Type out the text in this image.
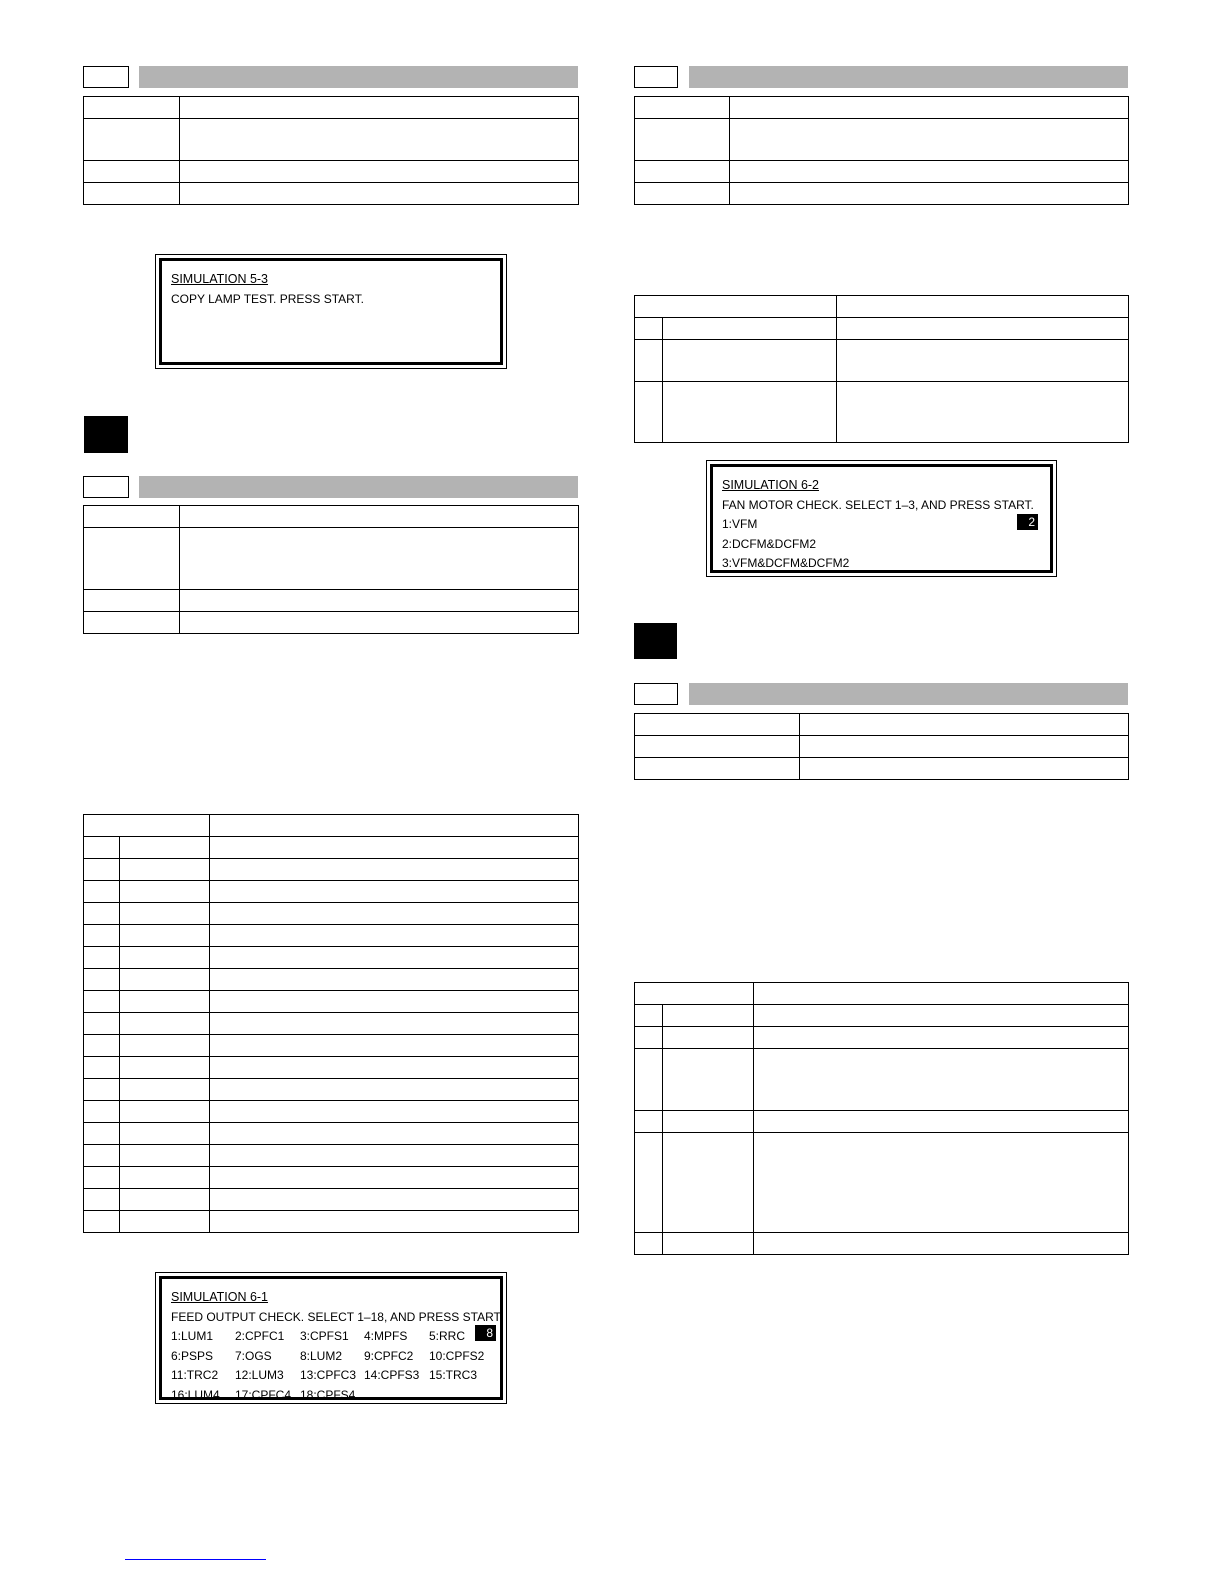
SIMULATION 5-3
COPY LAMP TEST. PRESS START.

SIMULATION 6-1
FEED OUTPUT CHECK. SELECT 1–18, AND PRESS START.
1:LUM1 2:CPFC1 3:CPFS1 4:MPFS 5:RRC
6:PSPS 7:OGS 8:LUM2 9:CPFC2 10:CPFS2
11:TRC2 12:LUM3 13:CPFC3 14:CPFS3 15:TRC3
16:LUM4 17:CPFC4 18:CPFS4
8

SIMULATION 6-2
FAN MOTOR CHECK. SELECT 1–3, AND PRESS START.
1:VFM
2:DCFM&DCFM2
3:VFM&DCFM&DCFM2
2
